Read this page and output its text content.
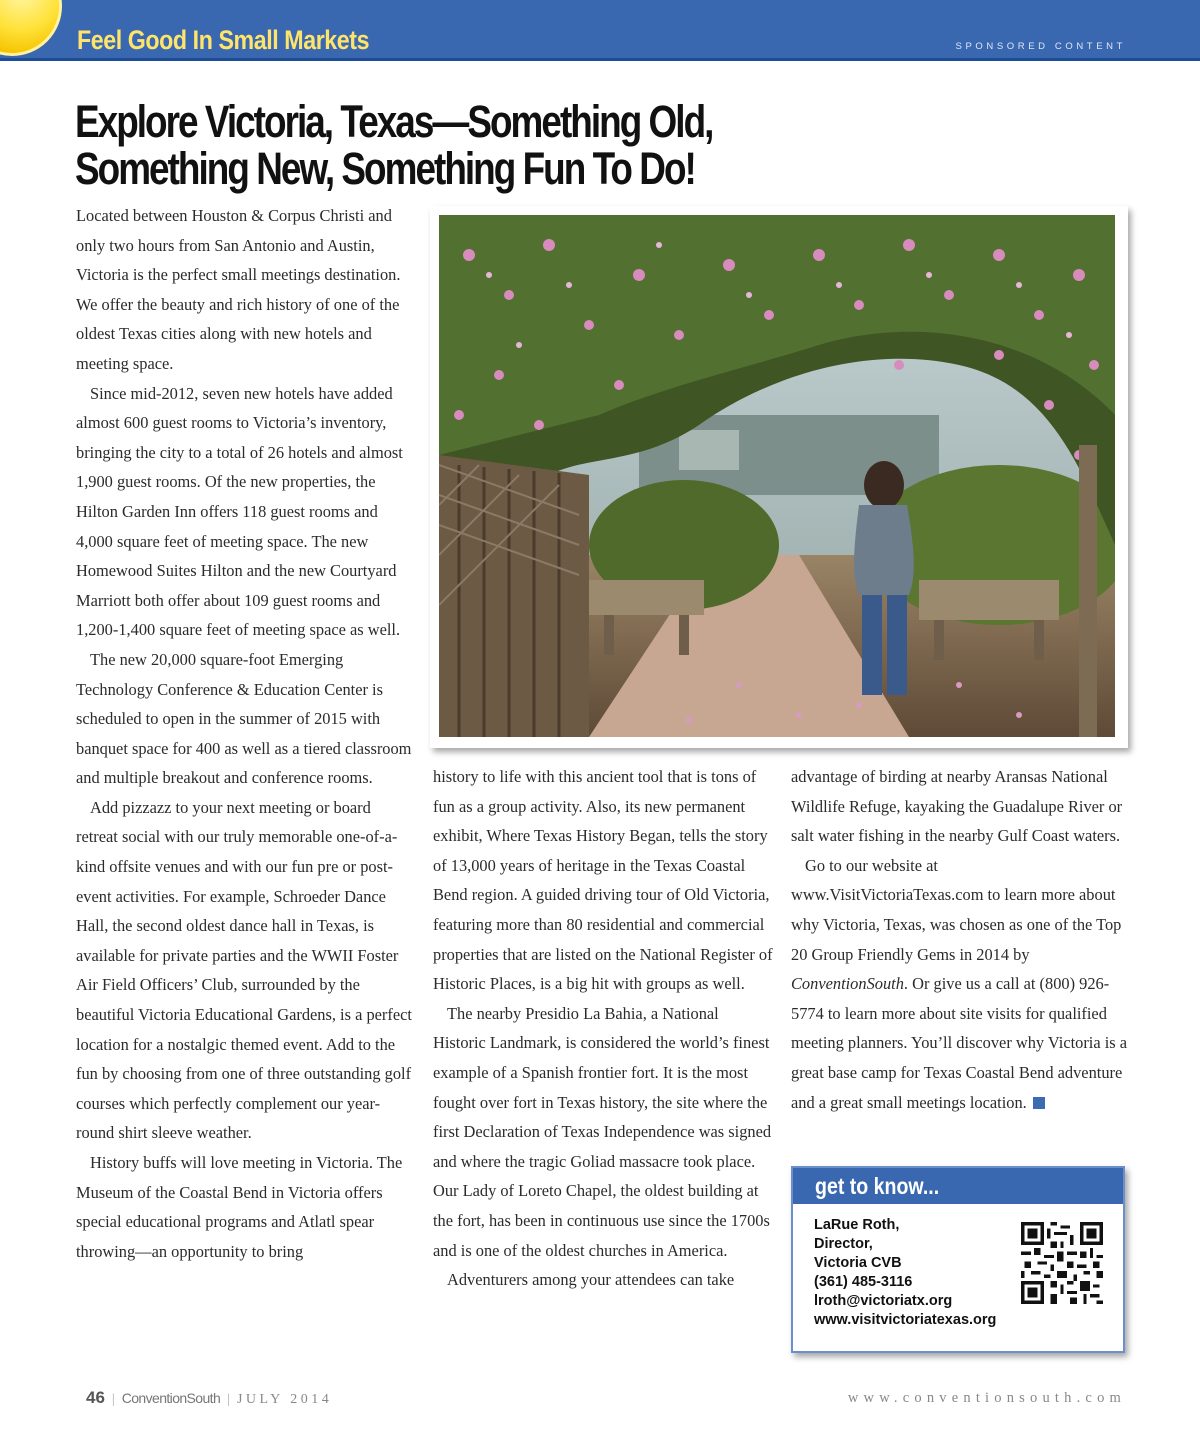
Feel Good In Small Markets	SPONSORED CONTENT
Explore Victoria, Texas—Something Old,
Something New, Something Fun To Do!

Located between Houston & Corpus Christi and only two hours from San Antonio and Austin, Victoria is the perfect small meetings destination. We offer the beauty and rich history of one of the oldest Texas cities along with new hotels and meeting space.

Since mid-2012, seven new hotels have added almost 600 guest rooms to Victoria’s inventory, bringing the city to a total of 26 hotels and almost 1,900 guest rooms. Of the new properties, the Hilton Garden Inn offers 118 guest rooms and 4,000 square feet of meeting space. The new Homewood Suites Hilton and the new Courtyard Marriott both offer about 109 guest rooms and 1,200-1,400 square feet of meeting space as well.

The new 20,000 square-foot Emerging Technology Conference & Education Center is scheduled to open in the summer of 2015 with banquet space for 400 as well as a tiered classroom and multiple breakout and conference rooms.

Add pizzazz to your next meeting or board retreat social with our truly memorable one-of-a-kind offsite venues and with our fun pre or post-event activities. For example, Schroeder Dance Hall, the second oldest dance hall in Texas, is available for private parties and the WWII Foster Air Field Officers’ Club, surrounded by the beautiful Victoria Educational Gardens, is a perfect location for a nostalgic themed event. Add to the fun by choosing from one of three outstanding golf courses which perfectly complement our year-round shirt sleeve weather.

History buffs will love meeting in Victoria. The Museum of the Coastal Bend in Victoria offers special educational programs and Atlatl spear throwing—an opportunity to bring

history to life with this ancient tool that is tons of fun as a group activity. Also, its new permanent exhibit, Where Texas History Began, tells the story of 13,000 years of heritage in the Texas Coastal Bend region. A guided driving tour of Old Victoria, featuring more than 80 residential and commercial properties that are listed on the National Register of Historic Places, is a big hit with groups as well.

The nearby Presidio La Bahia, a National Historic Landmark, is considered the world’s finest example of a Spanish frontier fort. It is the most fought over fort in Texas history, the site where the first Declaration of Texas Independence was signed and where the tragic Goliad massacre took place. Our Lady of Loreto Chapel, the oldest building at the fort, has been in continuous use since the 1700s and is one of the oldest churches in America.

Adventurers among your attendees can take

advantage of birding at nearby Aransas National Wildlife Refuge, kayaking the Guadalupe River or salt water fishing in the nearby Gulf Coast waters.

Go to our website at www.VisitVictoriaTexas.com to learn more about why Victoria, Texas, was chosen as one of the Top 20 Group Friendly Gems in 2014 by ConventionSouth. Or give us a call at (800) 926-5774 to learn more about site visits for qualified meeting planners. You’ll discover why Victoria is a great base camp for Texas Coastal Bend adventure and a great small meetings location.

get to know...
LaRue Roth,
Director,
Victoria CVB
(361) 485-3116
lroth@victoriatx.org
www.visitvictoriatexas.org
46 | ConventionSouth | JULY 2014	www.conventionsouth.com
